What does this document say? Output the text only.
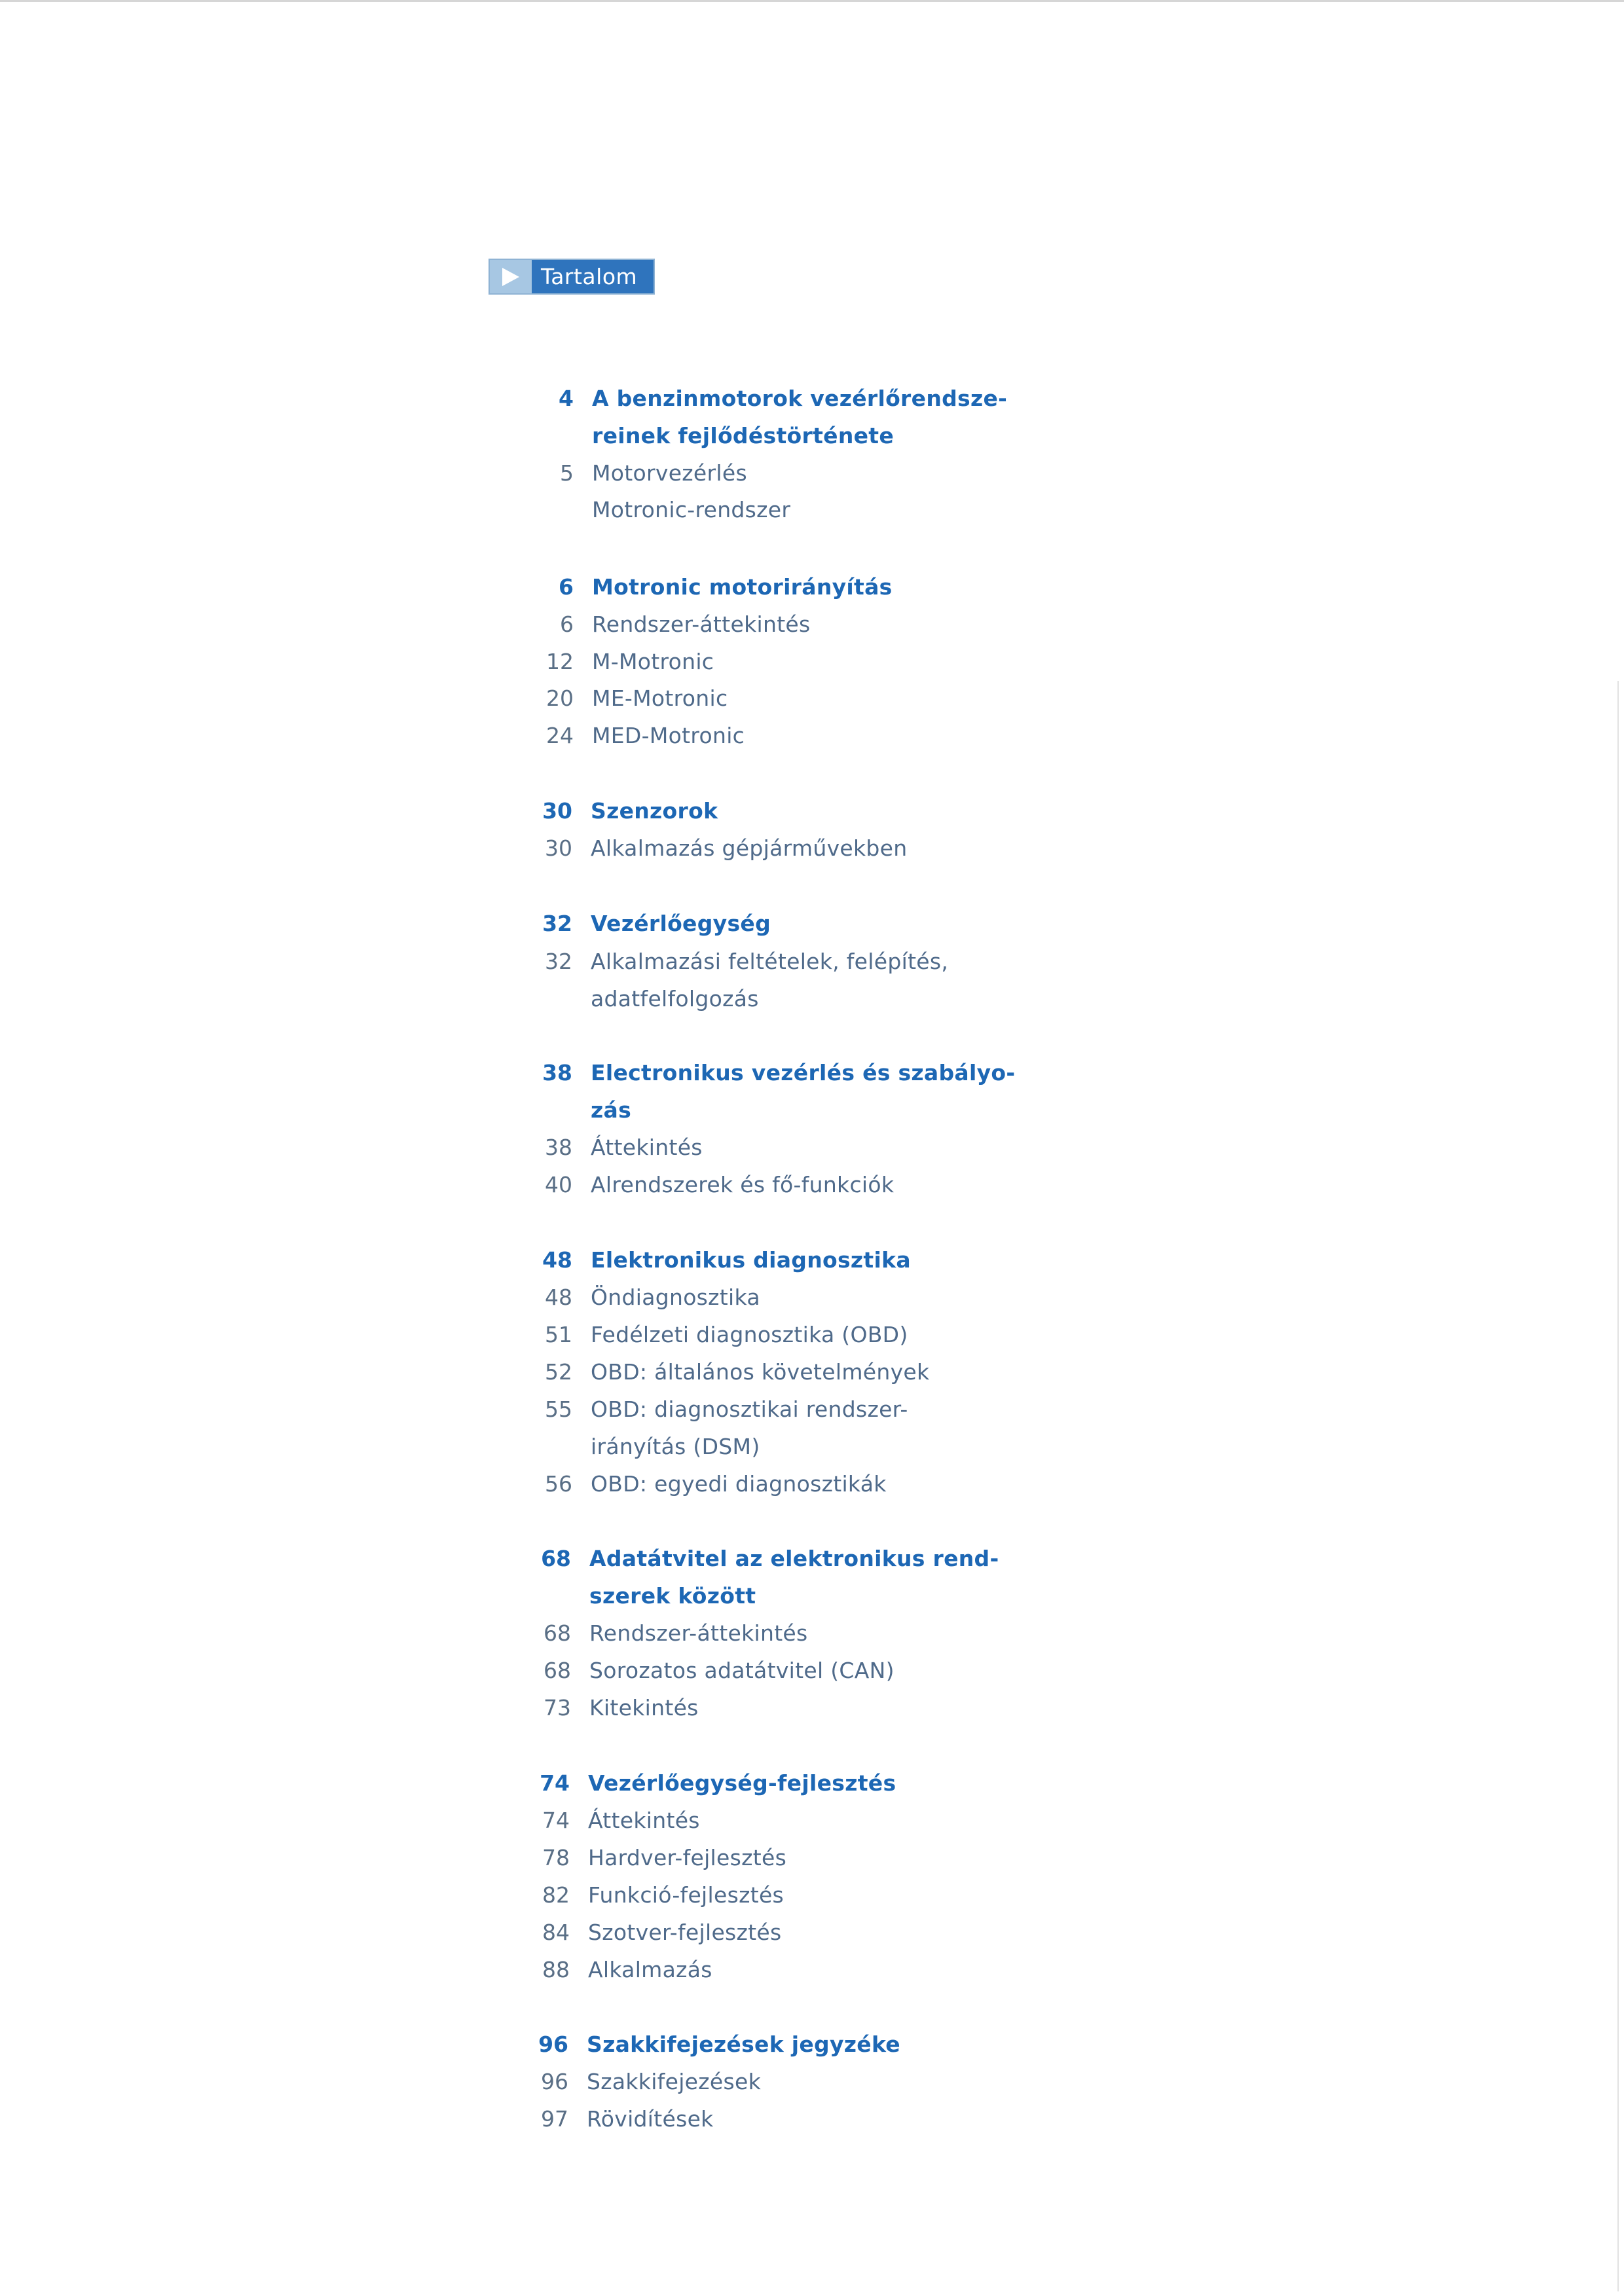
Tartalom
4 A benzinmotorok vezérlőrendsze-
reinek fejlődéstörténete
5 Motorvezérlés
Motronic-rendszer
6 Motronic motorirányítás
6 Rendszer-áttekintés
12 M-Motronic
20 ME-Motronic
24 MED-Motronic
30 Szenzorok
30 Alkalmazás gépjárművekben
32 Vezérlőegység
32 Alkalmazási feltételek, felépítés,
adatfelfolgozás
38 Electronikus vezérlés és szabályo-
zás
38 Áttekintés
40 Alrendszerek és fő-funkciók
48 Elektronikus diagnosztika
48 Öndiagnosztika
51 Fedélzeti diagnosztika (OBD)
52 OBD: általános követelmények
55 OBD: diagnosztikai rendszer-
irányítás (DSM)
56 OBD: egyedi diagnosztikák
68 Adatátvitel az elektronikus rend-
szerek között
68 Rendszer-áttekintés
68 Sorozatos adatátvitel (CAN)
73 Kitekintés
74 Vezérlőegység-fejlesztés
74 Áttekintés
78 Hardver-fejlesztés
82 Funkció-fejlesztés
84 Szotver-fejlesztés
88 Alkalmazás
96 Szakkifejezések jegyzéke
96 Szakkifejezések
97 Rövidítések
